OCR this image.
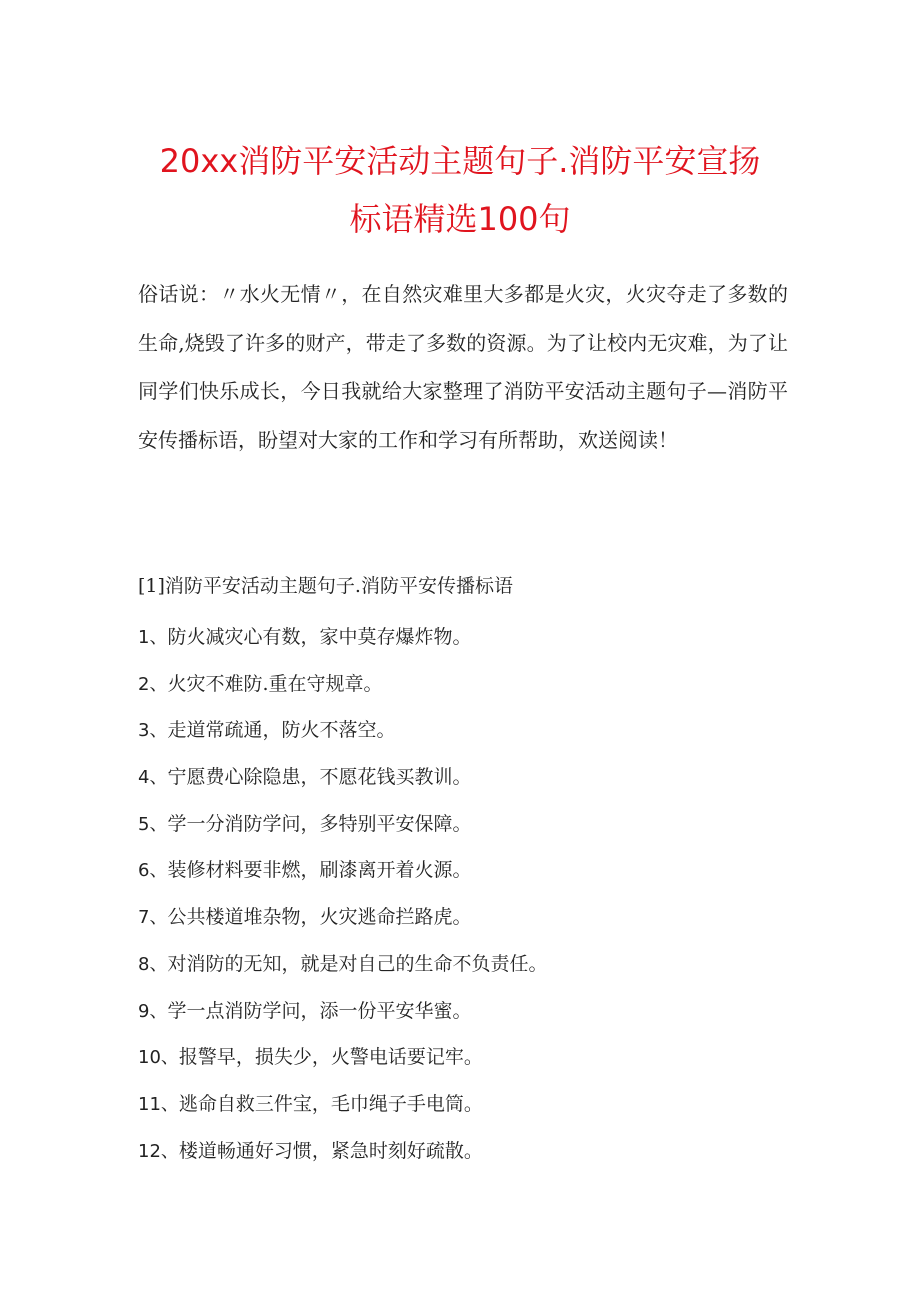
20xx消防平安活动主题句子.消防平安宣扬
标语精选100句

俗话说：〃水火无情〃，在自然灾难里大多都是火灾，火灾夺走了多数的生命,烧毁了许多的财产，带走了多数的资源。为了让校内无灾难，为了让同学们快乐成长，今日我就给大家整理了消防平安活动主题句子—消防平安传播标语，盼望对大家的工作和学习有所帮助，欢送阅读！

[1]消防平安活动主题句子.消防平安传播标语

1、防火减灾心有数，家中莫存爆炸物。
2、火灾不难防.重在守规章。
3、走道常疏通，防火不落空。
4、宁愿费心除隐患，不愿花钱买教训。
5、学一分消防学问，多特别平安保障。
6、装修材料要非燃，刷漆离开着火源。
7、公共楼道堆杂物，火灾逃命拦路虎。
8、对消防的无知，就是对自己的生命不负责任。
9、学一点消防学问，添一份平安华蜜。
10、报警早，损失少，火警电话要记牢。
11、逃命自救三件宝，毛巾绳子手电筒。
12、楼道畅通好习惯，紧急时刻好疏散。
